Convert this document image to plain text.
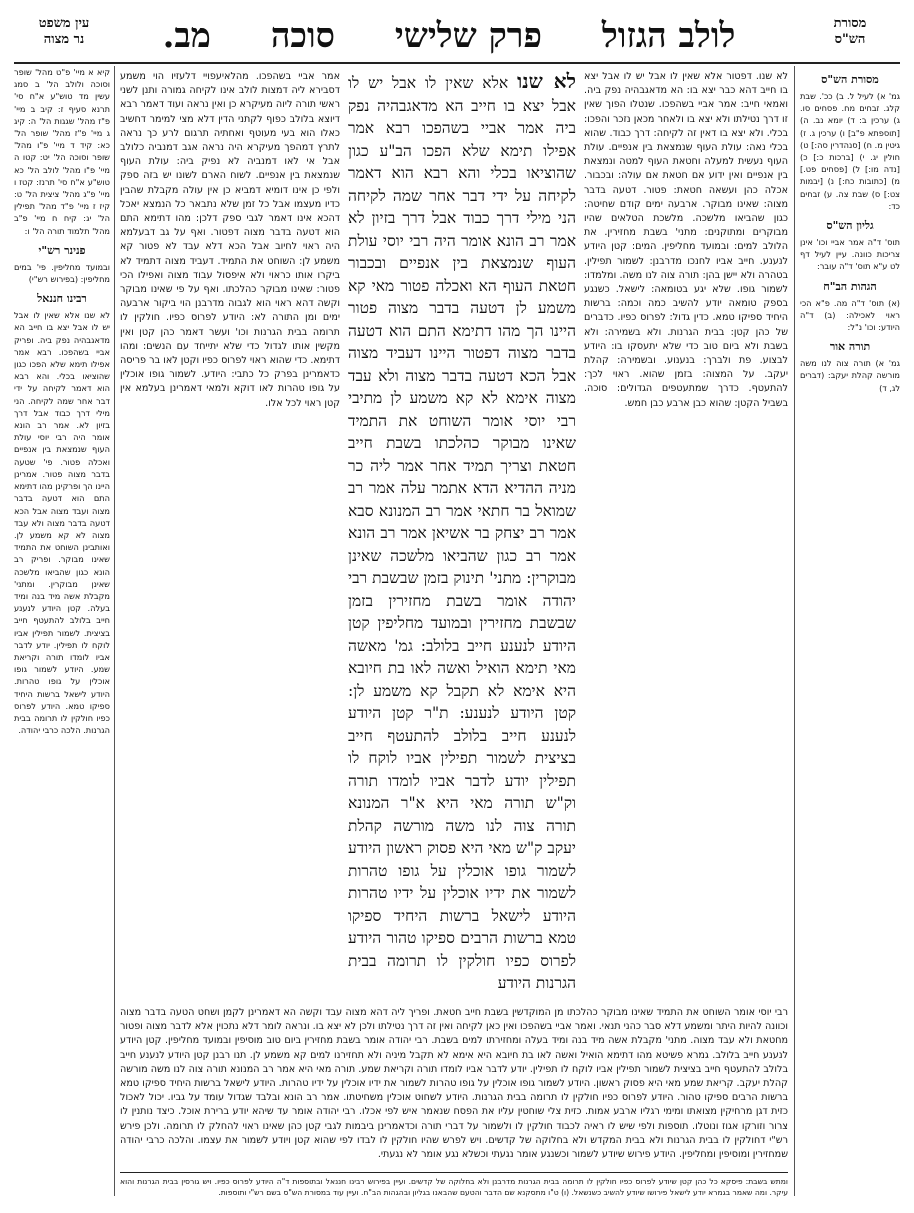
מסורת
הש"ס
לולב הגזול פרק שלישי סוכה מב.
עין משפט
נר מצוה
מסורת הש"ס
גמ' א) לעיל ל. ב) ככ'. שבת קלג. זבחים מח. פסחים סו. ג) ערכין ב: ד) יומא נב. ה) [תוספתא פ"ב] ו) ערכין ג. ז) גיטין מ. ח) [סנהדרין סה:] ט) חולין יג. י) [ברכות כ:] כ) [נדה מו:] ל) [פסחים פט.] מ) [כתובות כח:] נ) [יבמות צט:] ס) שבת צה. ע) זבחים כד:
גליון הש"ס
תוס' ד"ה אמר אביי וכו' אינן צריכות כוונה. עיין לעיל דף לט ע"א תוס' ד"ה עובר:
הגהות הב"ח
(א) תוס' ד"ה מה. פ"א הכי ראוי לאכילה: (ב) ד"ה היודע: וכו' נ"ל:
תורה אור
גמ' א) תורה צוה לנו משה מורשה קהלת יעקב: (דברים לג, ד)
לא שנו. דפטור אלא שאין לו אבל יש לו אבל יצא בו חייב דהא כבר יצא בו: הא מדאגבהיה נפק ביה. ואמאי חייב: אמר אביי בשהפכו. שנטלו הפוך שאין זו דרך נטילתו ולא יצא בו ולאחר מכאן נזכר והפכו: בכלי. ולא יצא בו דאין זה לקיחה: דרך כבוד. שהוא בכלי נאה: עולת העוף שנמצאת בין אנפיים. עולת העוף נעשית למעלה וחטאת העוף למטה ונמצאת בין אנפיים ואין ידוע אם חטאת אם עולה: ובכבור. אכלה כהן ועשאה חטאת: פטור. דטעה בדבר מצוה: שאינו מבוקר. ארבעה ימים קודם שחיטה: כגון שהביאו מלשכה. מלשכת הטלאים שהיו מבוקרים ומתוקנים: מתני' בשבת מחזירין. את הלולב למים: ובמועד מחליפין. המים: קטן היודע לנענע. חייב אביו לחנכו מדרבנן: לשמור תפילין. בטהרה ולא יישן בהן: תורה צוה לנו משה. ומלמדו: לשמור גופו. שלא יגע בטומאה: לישאל. כשנגע בספק טומאה יודע להשיב כמה וכמה: ברשות היחיד ספיקו טמא. כדין גדול: לפרוס כפיו. כדברים של כהן קטן: בבית הגרנות. ולא בשמירה: ולא בשבת ולא ביום טוב כדי שלא יתעסקו בו: היודע לבצוע. פת ולברך: בנענוע. ובשמירה: קהלת יעקב. על המצוה: בזמן שהוא. ראוי לכך: להתעטף. כדרך שמתעטפים הגדולים: סוכה. בשביל הקטן: שהוא כבן ארבע כבן חמש.
לא שנו אלא שאין לו אבל יש לו אבל יצא בו חייב הא מדאגבהיה נפק ביה אמר אביי בשהפכו רבא אמר אפילו תימא שלא הפכו הב"ע כגון שהוציאו בכלי והא רבא הוא דאמר לקיחה על ידי דבר אחר שמה לקיחה הני מילי דרך כבוד אבל דרך בזיון לא אמר רב הונא אומר היה רבי יוסי עולת העוף שנמצאת בין אנפיים ובכבור חטאת העוף הא ואכלה פטור מאי קא משמע לן דטעה בדבר מצוה פטור היינו הך מהו דתימא התם הוא דטעה בדבר מצוה דפטור היינו דעביד מצוה אבל הכא דטעה בדבר מצוה ולא עבד מצוה אימא לא קא משמע לן מתיבי רבי יוסי אומר השוחט את התמיד שאינו מבוקר כהלכתו בשבת חייב חטאת וצריך תמיד אחר אמר ליה כר מניה ההדיא הדא אתמר עלה אמר רב שמואל בר חתאי אמר רב המנונא סבא אמר רב יצחק בר אשיאן אמר רב הונא אמר רב כגון שהביאו מלשכה שאינן מבוקרין: מתני' תינוק בזמן שבשבת רבי יהודה אומר בשבת מחזירין בזמן שבשבת מחזירין ובמועד מחליפין קטן היודע לנענע חייב בלולב: גמ' מאשה מאי תימא הואיל ואשה לאו בת חיובא היא אימא לא תקבל קא משמע לן: קטן היודע לנענע: ת"ר קטן היודע לנענע חייב בלולב להתעטף חייב בציצית לשמור תפילין אביו לוקח לו תפילין יודע לדבר אביו לומדו תורה וק"ש תורה מאי היא א"ר המנונא תורה צוה לנו משה מורשה קהלת יעקב ק"ש מאי היא פסוק ראשון היודע לשמור גופו אוכלין על גופו טהרות לשמור את ידיו אוכלין על ידיו טהרות היודע לישאל ברשות היחיד ספיקו טמא ברשות הרבים ספיקו טהור היודע לפרוס כפיו חולקין לו תרומה בבית הגרנות היודע
אמר אביי בשהפכו. מהלאיעפויי דלעזיו הוי משמע דסבירא ליה דמצות לולב אינו לקיחה גמורה ותנן לשני ראשי תורה ליוה מעיקרא כן ואין נראה ועוד דאמר רבא דיוצא בלולב כפוף לקתני הדין דלא מצי למימר דחשיב כאלו הוא בעי מעוטף ואחתיה תרגום לרע כך נראה לתרץ דמהפך מעיקרא היה נראה אגב דמנביה כלולב אבל אי לאו דמנביה לא נפיק ביה: עולת העוף שנמצאת בין אנפיים. לשוח הארם לשונו יש בזה ספק ולפי כן אינו דומיא דמביא כן אין עולה מקבלת שהבין כדיו מעצמו אבל כל זמן שלא נתבאר כל הנמצא יאכל דהכא אינו דאמר לגבי ספק דלכן: מהו דתימא התם הוא דטעה בדבר מצוה דפטור. ואף על גב דבעלמא היה ראוי לחיוב אבל הכא דלא עבד לא פטור קא משמע לן: השוחט את התמיד. דעביד מצוה דתמיד לא ביקרו אותו כראוי ולא איפסול עבוד מצוה ואפילו הכי פטור: שאינו מבוקר כהלכתו. ואף על פי שאינו מבוקר וקשה דהא ראוי הוא לגבוה מדרבנן הוי ביקור ארבעה ימים ומן התורה לא: היודע לפרוס כפיו. חולקין לו תרומה בבית הגרנות וכו' ועשר דאמר כהן קטן ואין מקשין אותו לגדול כדי שלא יתייחד עם הנשים: ומהו דתימא. כדי שהוא ראוי לפרוס כפיו וקטן לאו בר פריסה כדאמרינן בפרק כל כתבי: היודע. לשמור גופו אוכלין על גופו טהרות לאו דוקא ולמאי דאמרינן בעלמא אין קטן ראוי לכל אלו.
רבי יוסי אומר השוחט את התמיד שאינו מבוקר כהלכתו מן המוקדשין בשבת חייב חטאת. ופריך ליה דהא מצוה עבד וקשה הא דאמרינן לקמן ושחט הטעה בדבר מצוה וכוונה להיות היתר ומשמע דלא סבר כהני תנאי. ואמר אביי בשהפכו ואין כאן לקיחה ואין זה דרך נטילתו ולכן לא יצא בו. ונראה לומר דלא נתכוין אלא לדבר מצוה ופטור מחטאת ולא עבד מצוה. מתני' מקבלת אשה מיד בנה ומיד בעלה ומחזירתו למים בשבת. רבי יהודה אומר בשבת מחזירין ביום טוב מוסיפין ובמועד מחליפין. קטן היודע לנענע חייב בלולב. גמרא פשיטא מהו דתימא הואיל ואשה לאו בת חיובא היא אימא לא תקבל מיניה ולא תחזירנו למים קא משמע לן. תנו רבנן קטן היודע לנענע חייב בלולב להתעטף חייב בציצית לשמור תפילין אביו לוקח לו תפילין. יודע לדבר אביו לומדו תורה וקריאת שמע. תורה מאי היא אמר רב המנונא תורה צוה לנו משה מורשה קהלת יעקב. קריאת שמע מאי היא פסוק ראשון. היודע לשמור גופו אוכלין על גופו טהרות לשמור את ידיו אוכלין על ידיו טהרות. היודע לישאל ברשות היחיד ספיקו טמא ברשות הרבים ספיקו טהור. היודע לפרוס כפיו חולקין לו תרומה בבית הגרנות. היודע לשחוט אוכלין משחיטתו. אמר רב הונא ובלבד שגדול עומד על גביו. יכול לאכול כזית דגן מרחיקין מצואתו ומימי רגליו ארבע אמות. כזית צלי שוחטין עליו את הפסח שנאמר איש לפי אכלו. רבי יהודה אומר עד שיהא יודע ברירת אוכל. כיצד נותנין לו צרור וזורקו אגוז ונוטלו. תוספות ולפי שיש לו ראיה לכבוד חולקין לו ולשמור על דברי תורה וכדאמרינן ביבמות לגבי קטן כהן שאינו ראוי להחלק לו תרומה. ולכן פירש רש"י דחולקין לו בבית הגרנות ולא בבית המקדש ולא בחלוקה של קדשים. ויש לפרש שהיו חולקין לו לבדו לפי שהוא קטן ויודע לשמור את עצמו. והלכה כרבי יהודה שמחזירין ומוסיפין ומחליפין. היודע פירוש שיודע לשמור וכשנגע אומר נגעתי וכשלא נגע אומר לא נגעתי.
קיא א מיי' פ"ט מהל' שופר וסוכה ולולב הל' ב סמג עשין מד טוש"ע א"ח סי' תרנא סעיף ז: קיב ב מיי' פ"ז מהל' שגגות הל' ה: קיג ג מיי' פ"ז מהל' שופר הל' כא: קיד ד מיי' פ"ו מהל' שופר וסוכה הל' יט: קטו ה מיי' פ"ו מהל' לולב הל' כא טוש"ע א"ח סי' תרנז: קטז ו מיי' פ"ג מהל' ציצית הל' ט: קיז ז מיי' פ"ד מהל' תפילין הל' יג: קיח ח מיי' פ"ב מהל' תלמוד תורה הל' ו:
פנינר רש"י
ובמועד מחליפין. פי' במים מחליפין: (בפירוש רש"י)
רבינו חננאל
לא שנו אלא שאין לו אבל יש לו אבל יצא בו חייב הא מדאגבהיה נפק ביה. ופריק אביי בשהפכו. רבא אמר אפילו תימא שלא הפכו כגון שהוציאו בכלי. והא רבא הוא דאמר לקיחה על ידי דבר אחר שמה לקיחה. הני מילי דרך כבוד אבל דרך בזיון לא. אמר רב הונא אומר היה רבי יוסי עולת העוף שנמצאת בין אנפיים ואכלה פטור. פי' שטעה בדבר מצוה פטור. אמרינן היינו הך ופרקינן מהו דתימא התם הוא דטעה בדבר מצוה ועבד מצוה אבל הכא דטעה בדבר מצוה ולא עבד מצוה לא קא משמע לן. ואותבינן השוחט את התמיד שאינו מבוקר. ופריק רב הונא כגון שהביאו מלשכה שאינן מבוקרין. ומתני' מקבלת אשה מיד בנה ומיד בעלה. קטן היודע לנענע חייב בלולב להתעטף חייב בציצית. לשמור תפילין אביו לוקח לו תפילין. יודע לדבר אביו לומדו תורה וקריאת שמע. היודע לשמור גופו אוכלין על גופו טהרות. היודע לישאל ברשות היחיד ספיקו טמא. היודע לפרוס כפיו חולקין לו תרומה בבית הגרנות. הלכה כרבי יהודה.
ומתש בשבת: פיסקא כל כהן קטן שיודע לפרוס כפיו חולקין לו תרומה בבית הגרנות מדרבנן ולא בחלוקה של קדשים. ועיין בפירוש רבינו חננאל ובתוספות ד"ה היודע לפרוס כפיו. ויש גורסין בבית הגרנות והוא עיקר. ומה שאמר בגמרא יודע לישאל פירושו שיודע להשיב כשנשאל. (ו) ט"ו מתסקנא שם הדבר והטעם שהבאנו בגליון ובהגהות הב"ח. ועיין עוד במסורת הש"ס בשם רש"י ותוספות.
